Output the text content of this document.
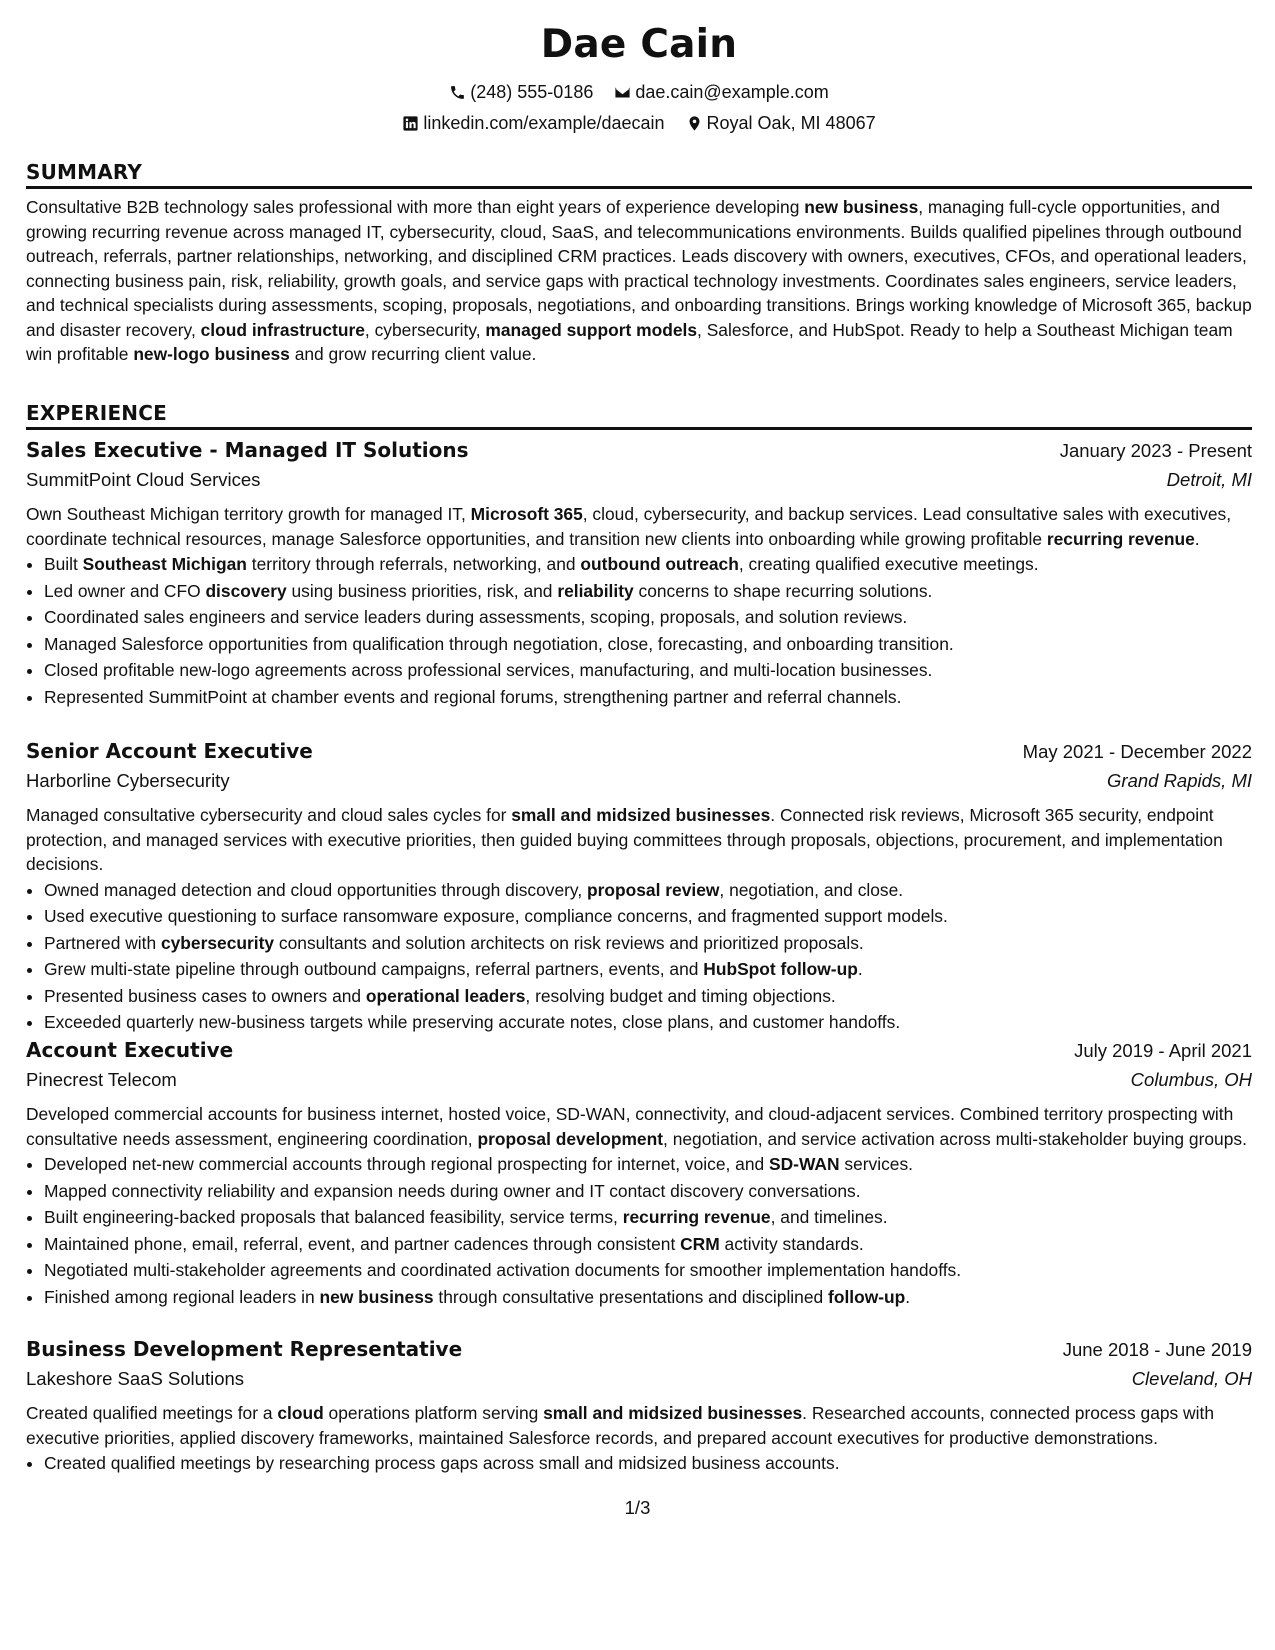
Dae Cain
(248) 555-0186
dae.cain@example.com
linkedin.com/example/daecain
Royal Oak, MI 48067
SUMMARY

Consultative B2B technology sales professional with more than eight years of experience developing new business, managing full-cycle opportunities, and growing recurring revenue across managed IT, cybersecurity, cloud, SaaS, and telecommunications environments. Builds qualified pipelines through outbound outreach, referrals, partner relationships, networking, and disciplined CRM practices. Leads discovery with owners, executives, CFOs, and operational leaders, connecting business pain, risk, reliability, growth goals, and service gaps with practical technology investments. Coordinates sales engineers, service leaders, and technical specialists during assessments, scoping, proposals, negotiations, and onboarding transitions. Brings working knowledge of Microsoft 365, backup and disaster recovery, cloud infrastructure, cybersecurity, managed support models, Salesforce, and HubSpot. Ready to help a Southeast Michigan team win profitable new-logo business and grow recurring client value.

EXPERIENCE
Sales Executive - Managed IT Solutions	January 2023 - Present
SummitPoint Cloud Services	Detroit, MI

Own Southeast Michigan territory growth for managed IT, Microsoft 365, cloud, cybersecurity, and backup services. Lead consultative sales with executives, coordinate technical resources, manage Salesforce opportunities, and transition new clients into onboarding while growing profitable recurring revenue.

• Built Southeast Michigan territory through referrals, networking, and outbound outreach, creating qualified executive meetings.
• Led owner and CFO discovery using business priorities, risk, and reliability concerns to shape recurring solutions.
• Coordinated sales engineers and service leaders during assessments, scoping, proposals, and solution reviews.
• Managed Salesforce opportunities from qualification through negotiation, close, forecasting, and onboarding transition.
• Closed profitable new-logo agreements across professional services, manufacturing, and multi-location businesses.
• Represented SummitPoint at chamber events and regional forums, strengthening partner and referral channels.
Senior Account Executive	May 2021 - December 2022
Harborline Cybersecurity	Grand Rapids, MI

Managed consultative cybersecurity and cloud sales cycles for small and midsized businesses. Connected risk reviews, Microsoft 365 security, endpoint protection, and managed services with executive priorities, then guided buying committees through proposals, objections, procurement, and implementation decisions.

• Owned managed detection and cloud opportunities through discovery, proposal review, negotiation, and close.
• Used executive questioning to surface ransomware exposure, compliance concerns, and fragmented support models.
• Partnered with cybersecurity consultants and solution architects on risk reviews and prioritized proposals.
• Grew multi-state pipeline through outbound campaigns, referral partners, events, and HubSpot follow-up.
• Presented business cases to owners and operational leaders, resolving budget and timing objections.
• Exceeded quarterly new-business targets while preserving accurate notes, close plans, and customer handoffs.
Account Executive	July 2019 - April 2021
Pinecrest Telecom	Columbus, OH

Developed commercial accounts for business internet, hosted voice, SD-WAN, connectivity, and cloud-adjacent services. Combined territory prospecting with consultative needs assessment, engineering coordination, proposal development, negotiation, and service activation across multi-stakeholder buying groups.

• Developed net-new commercial accounts through regional prospecting for internet, voice, and SD-WAN services.
• Mapped connectivity reliability and expansion needs during owner and IT contact discovery conversations.
• Built engineering-backed proposals that balanced feasibility, service terms, recurring revenue, and timelines.
• Maintained phone, email, referral, event, and partner cadences through consistent CRM activity standards.
• Negotiated multi-stakeholder agreements and coordinated activation documents for smoother implementation handoffs.
• Finished among regional leaders in new business through consultative presentations and disciplined follow-up.
Business Development Representative	June 2018 - June 2019
Lakeshore SaaS Solutions	Cleveland, OH

Created qualified meetings for a cloud operations platform serving small and midsized businesses. Researched accounts, connected process gaps with executive priorities, applied discovery frameworks, maintained Salesforce records, and prepared account executives for productive demonstrations.

• Created qualified meetings by researching process gaps across small and midsized business accounts.
1/3
